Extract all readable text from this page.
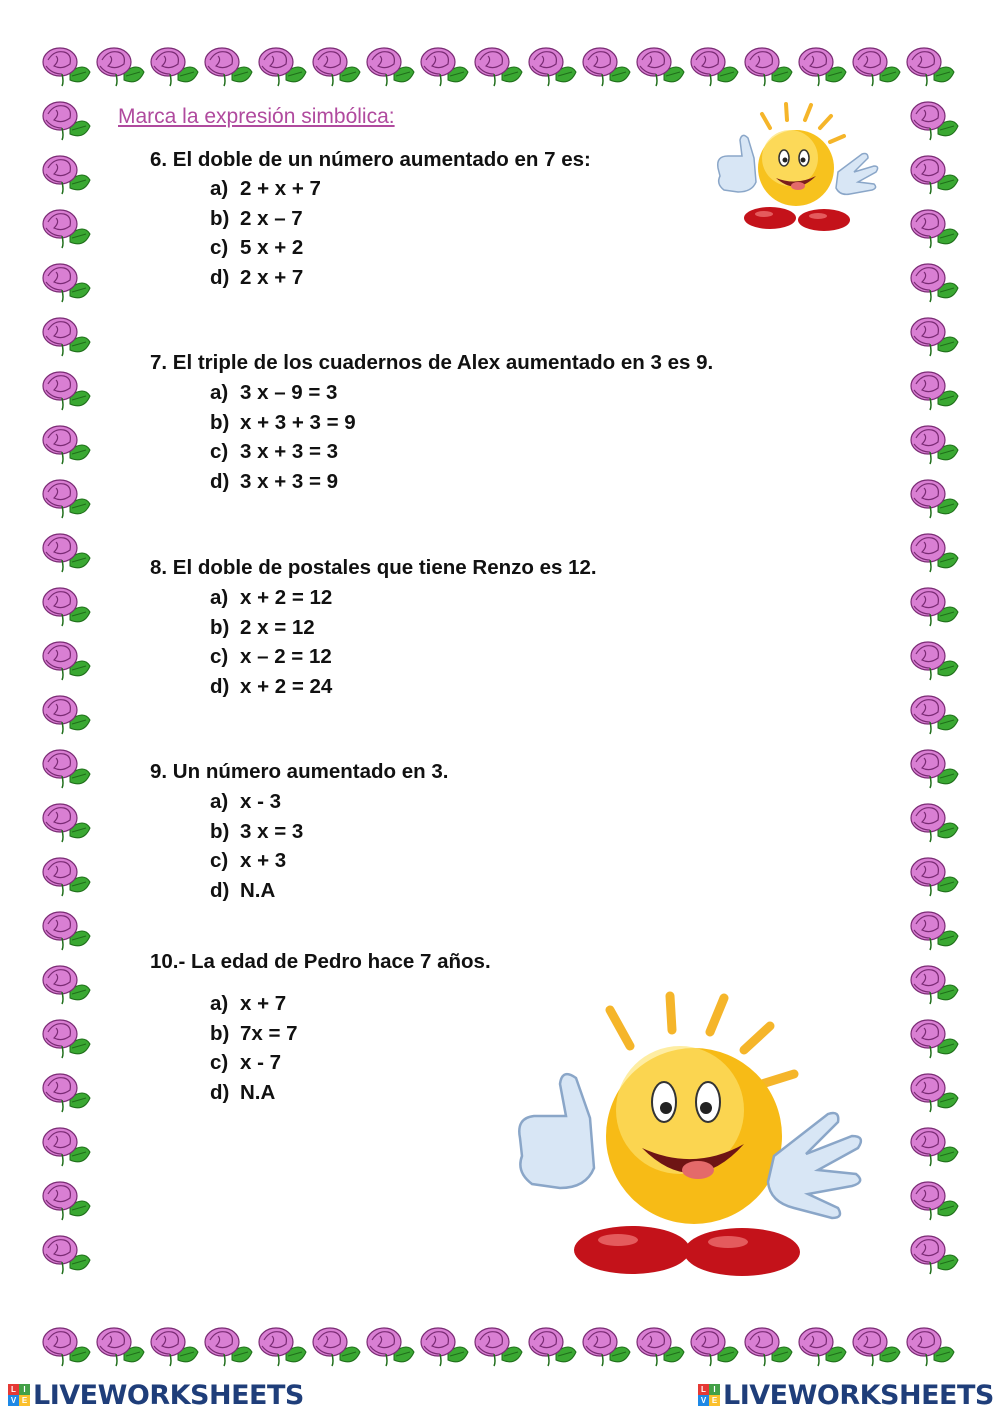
Marca la expresión simbólica:
6. El doble de un número aumentado en 7 es:
a) 2 + x + 7
b) 2 x – 7
c) 5 x + 2
d) 2 x + 7
7. El triple de los cuadernos de Alex aumentado en 3 es 9.
a) 3 x – 9 = 3
b) x + 3 + 3 = 9
c) 3 x + 3 = 3
d) 3 x + 3 = 9
8. El doble de postales que tiene Renzo es 12.
a) x + 2 = 12
b) 2 x = 12
c) x – 2 = 12
d) x + 2 = 24
9. Un número aumentado en 3.
a) x - 3
b) 3 x = 3
c) x + 3
d) N.A
10.- La edad de Pedro hace 7 años.
a) x + 7
b) 7x = 7
c) x - 7
d) N.A
L I
V E LIVEWORKSHEETS	L I
V E LIVEWORKSHEETS
